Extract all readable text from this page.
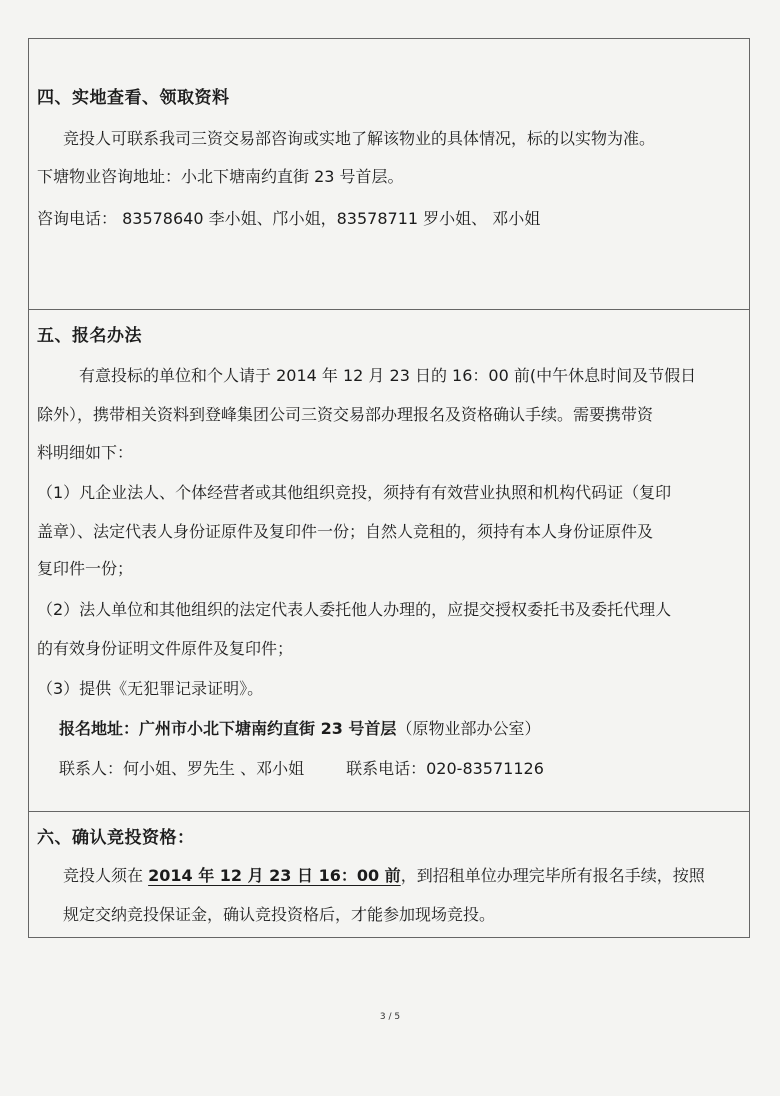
四、实地查看、领取资料
竞投人可联系我司三资交易部咨询或实地了解该物业的具体情况，标的以实物为准。
下塘物业咨询地址：小北下塘南约直街 23 号首层。
咨询电话： 83578640 李小姐、邝小姐，83578711 罗小姐、 邓小姐
五、报名办法
有意投标的单位和个人请于 2014 年 12 月 23 日的 16：00 前(中午休息时间及节假日
除外），携带相关资料到登峰集团公司三资交易部办理报名及资格确认手续。需要携带资
料明细如下：
（1）凡企业法人、个体经营者或其他组织竞投，须持有有效营业执照和机构代码证（复印
盖章）、法定代表人身份证原件及复印件一份；自然人竞租的，须持有本人身份证原件及
复印件一份；
（2）法人单位和其他组织的法定代表人委托他人办理的，应提交授权委托书及委托代理人
的有效身份证明文件原件及复印件；
（3）提供《无犯罪记录证明》。
报名地址：广州市小北下塘南约直街 23 号首层（原物业部办公室）
联系人：何小姐、罗先生 、邓小姐	联系电话：020-83571126
六、确认竞投资格：
竞投人须在 2014 年 12 月 23 日 16：00 前，到招租单位办理完毕所有报名手续，按照
规定交纳竞投保证金，确认竞投资格后，才能参加现场竞投。
3 / 5
